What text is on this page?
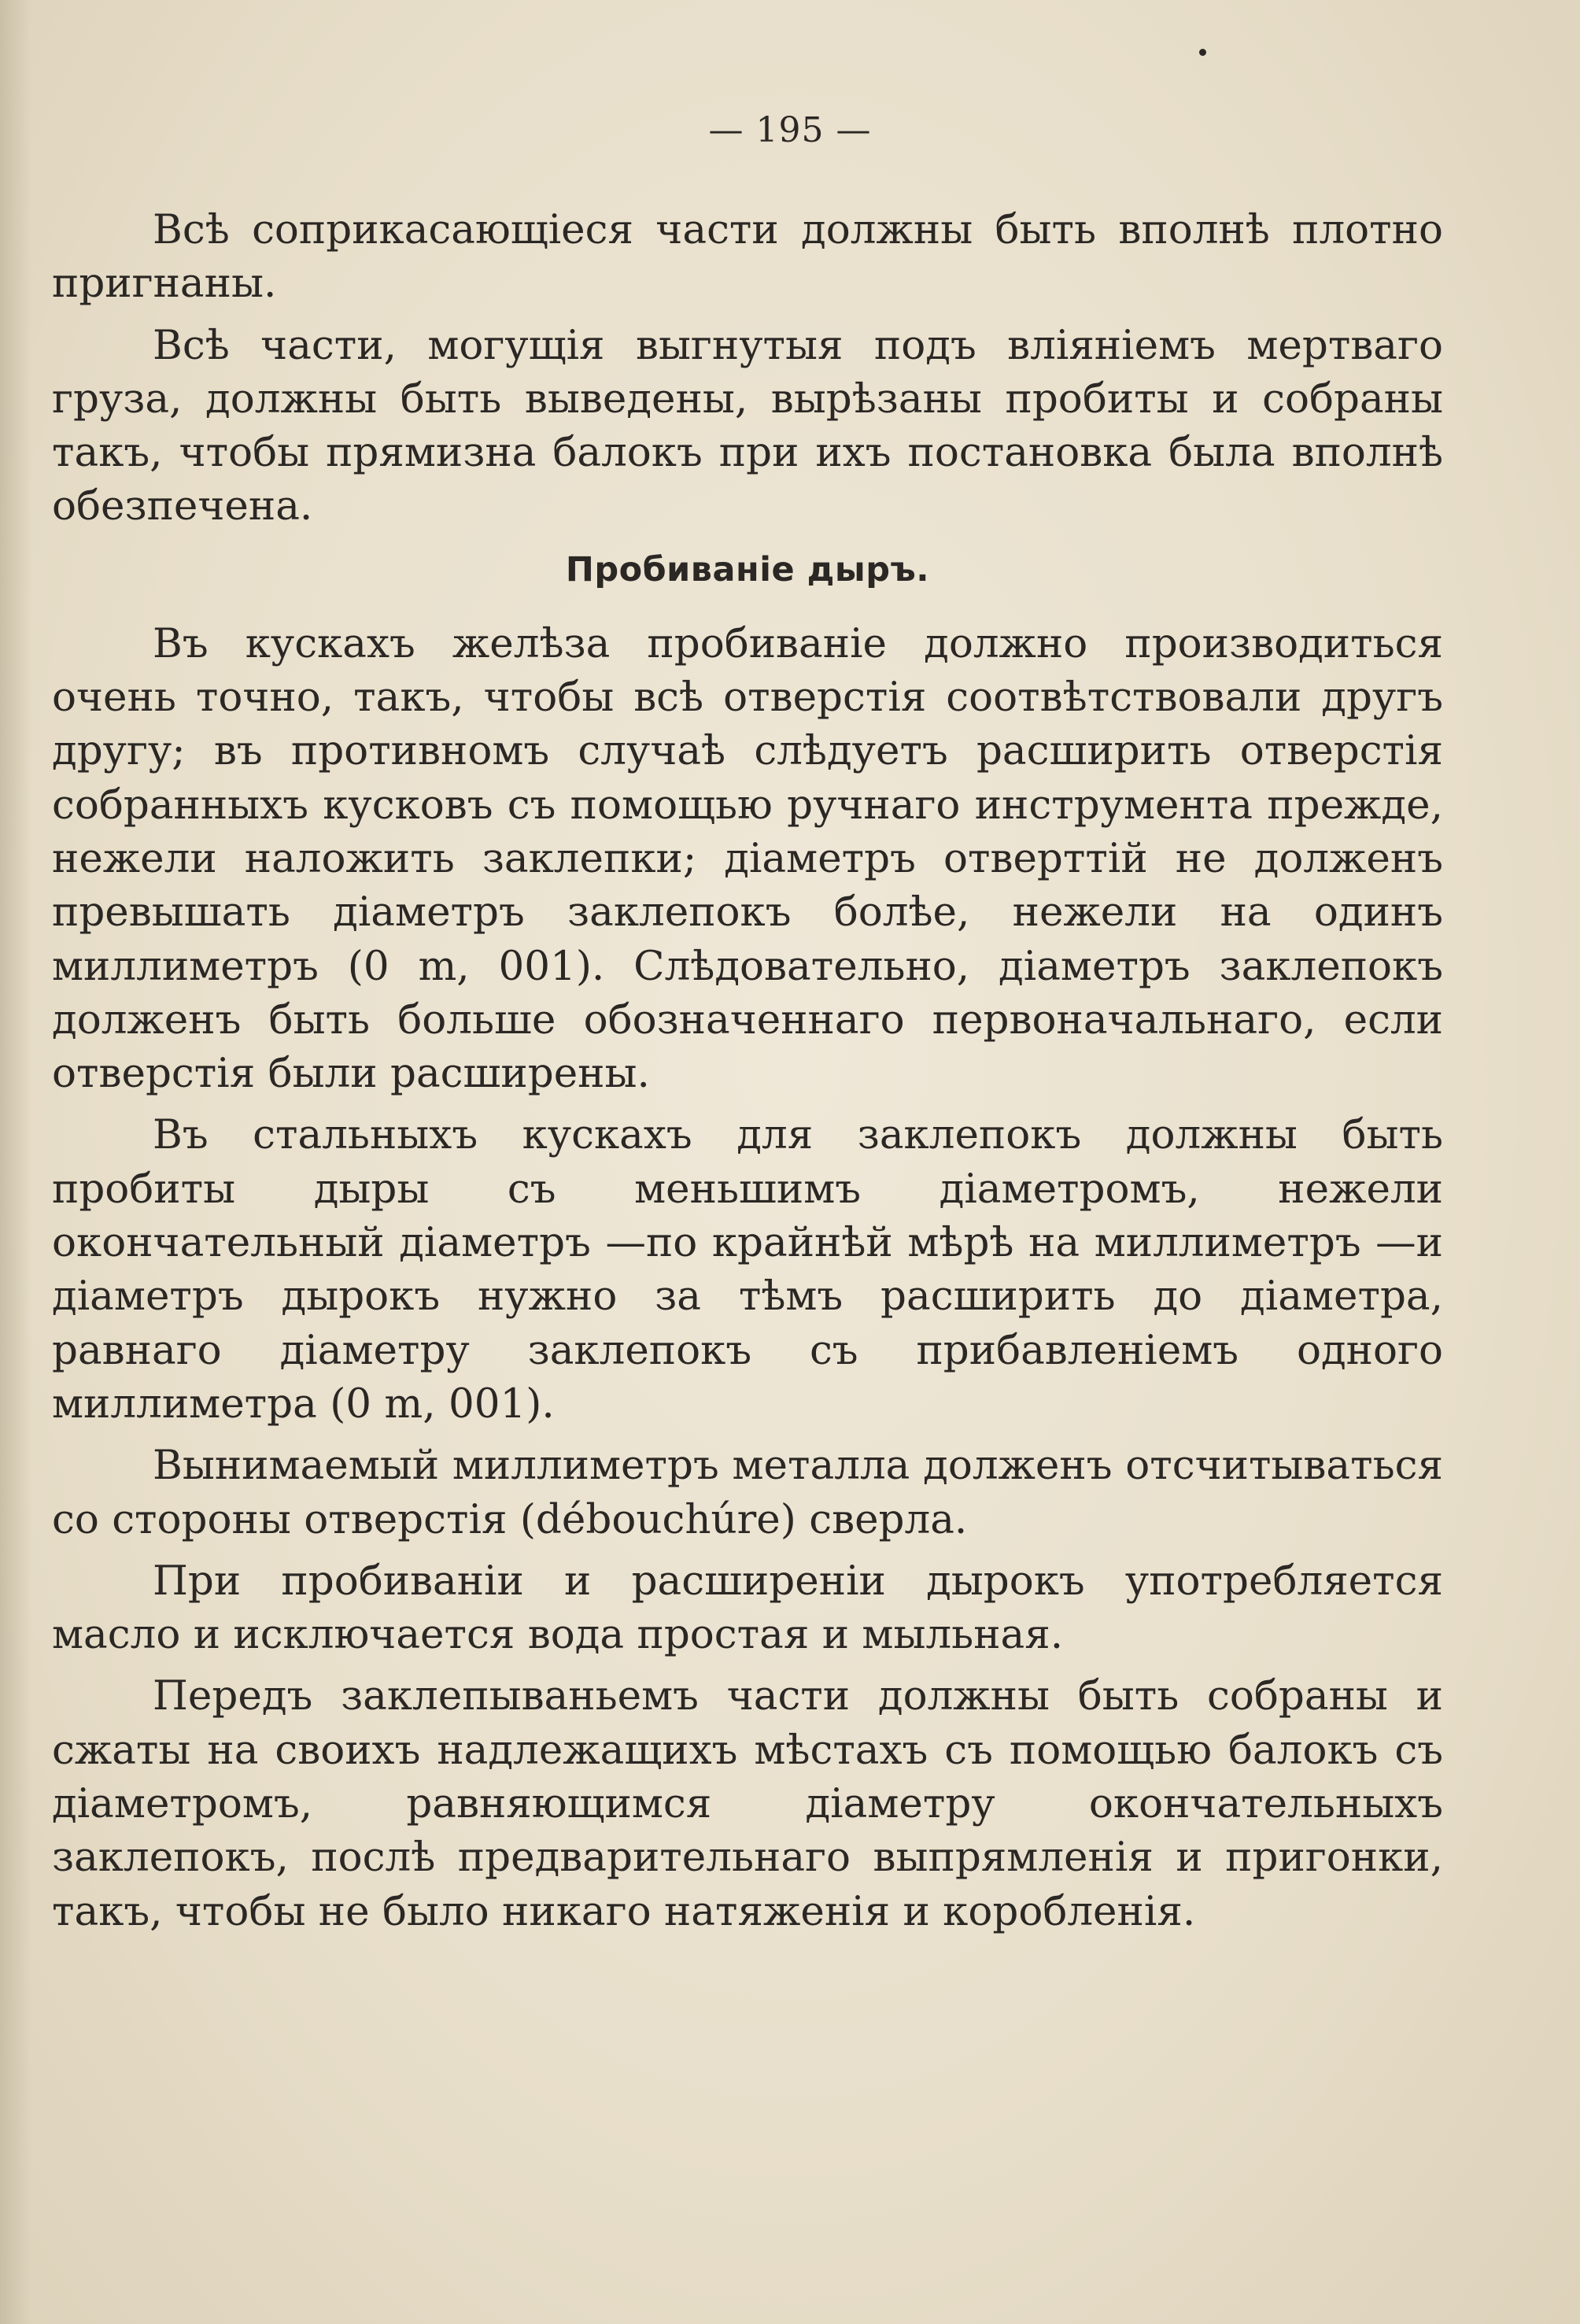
— 195 —

Всѣ соприкасающіеся части должны быть вполнѣ плотно пригнаны.

Всѣ части, могущія выгнутыя подъ вліяніемъ мертваго груза, должны быть выведены, вырѣзаны пробиты и собраны такъ, чтобы прямизна балокъ при ихъ постановка была вполнѣ обезпечена.

Пробиваніе дыръ.

Въ кускахъ желѣза пробиваніе должно производиться очень точно, такъ, чтобы всѣ отверстія соотвѣтствовали другъ другу; въ противномъ случаѣ слѣдуетъ расширить отверстія собранныхъ кусковъ съ помощью ручнаго инструмента прежде, нежели наложить заклепки; діаметръ отверттій не долженъ превышать діаметръ заклепокъ болѣе, нежели на одинъ миллиметръ (0 m, 001). Слѣдовательно, діаметръ заклепокъ долженъ быть больше обозначеннаго первоначальнаго, если отверстія были расширены.

Въ стальныхъ кускахъ для заклепокъ должны быть пробиты дыры съ меньшимъ діаметромъ, нежели окончательный діаметръ —по крайнѣй мѣрѣ на миллиметръ —и діаметръ дырокъ нужно за тѣмъ расширить до діаметра, равнаго діаметру заклепокъ съ прибавленіемъ одного миллиметра (0 m, 001).

Вынимаемый миллиметръ металла долженъ отсчитываться со стороны отверстія (débouchúre) сверла.

При пробиваніи и расширеніи дырокъ употребляется масло и исключается вода простая и мыльная.

Передъ заклепываньемъ части должны быть собраны и сжаты на своихъ надлежащихъ мѣстахъ съ помощью балокъ съ діаметромъ, равняющимся діаметру окончательныхъ заклепокъ, послѣ предварительнаго выпрямленія и пригонки, такъ, чтобы не было никаго натяженія и коробленія.
